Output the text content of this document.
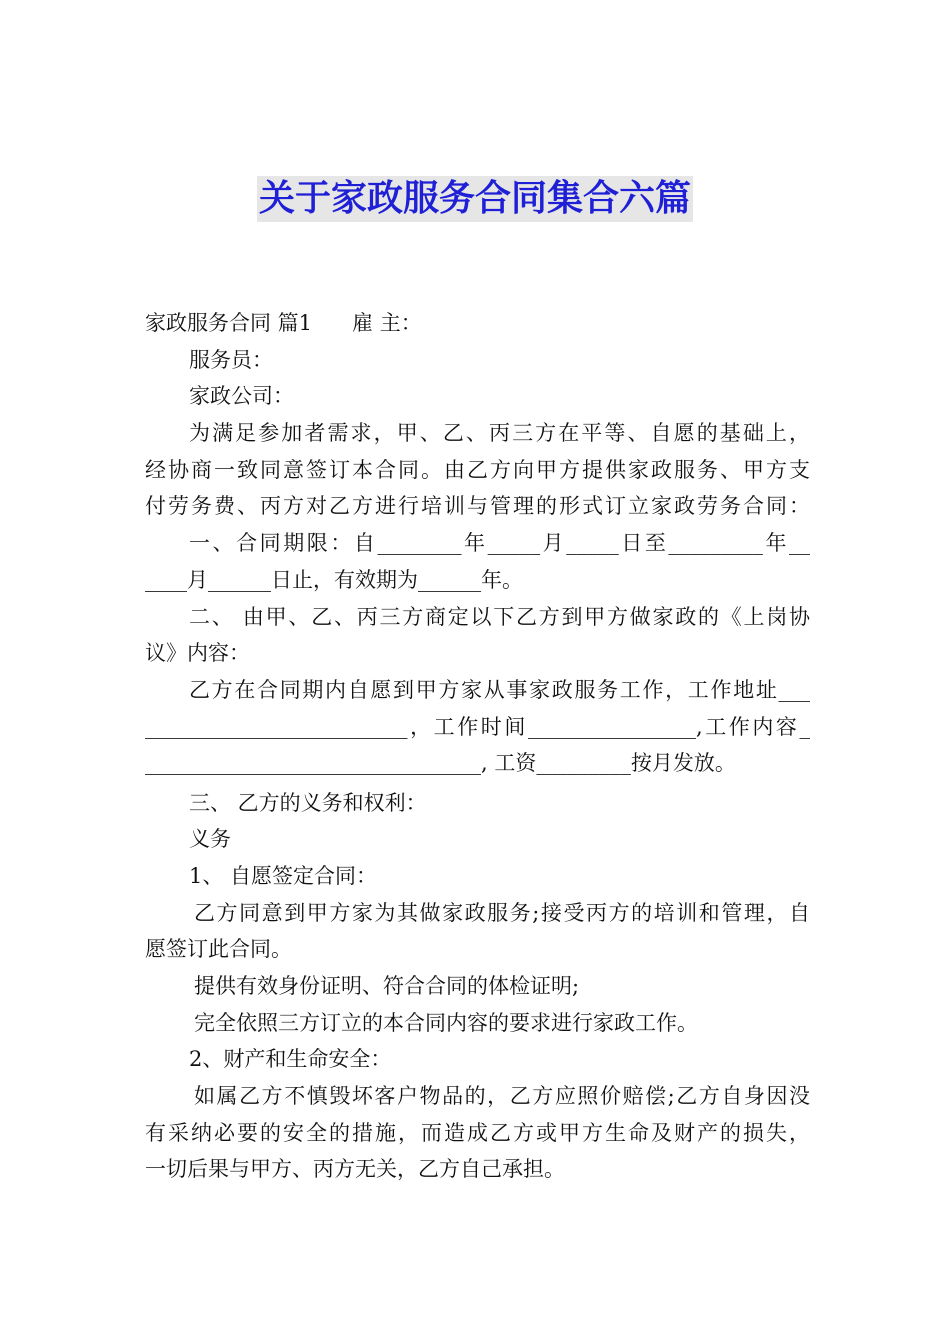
关于家政服务合同集合六篇
家政服务合同 篇1 雇 主：
服务员：
家政公司：
为满足参加者需求，甲、乙、丙三方在平等、自愿的基础上，
经协商一致同意签订本合同。由乙方向甲方提供家政服务、甲方支
付劳务费、丙方对乙方进行培训与管理的形式订立家政劳务合同：
一、合同期限：自________年_____月_____日至_________年__
____月______日止，有效期为______年。
二、 由甲、乙、丙三方商定以下乙方到甲方做家政的《上岗协
议》内容：
乙方在合同期内自愿到甲方家从事家政服务工作，工作地址___
_________________________，工作时间________________,工作内容_
________________________________, 工资_________按月发放。
三、 乙方的义务和权利：
义务
1、 自愿签定合同：
乙方同意到甲方家为其做家政服务;接受丙方的培训和管理，自
愿签订此合同。
提供有效身份证明、符合合同的体检证明;
完全依照三方订立的本合同内容的要求进行家政工作。
2、财产和生命安全：
如属乙方不慎毁坏客户物品的，乙方应照价赔偿;乙方自身因没
有采纳必要的安全的措施，而造成乙方或甲方生命及财产的损失，
一切后果与甲方、丙方无关，乙方自己承担。
